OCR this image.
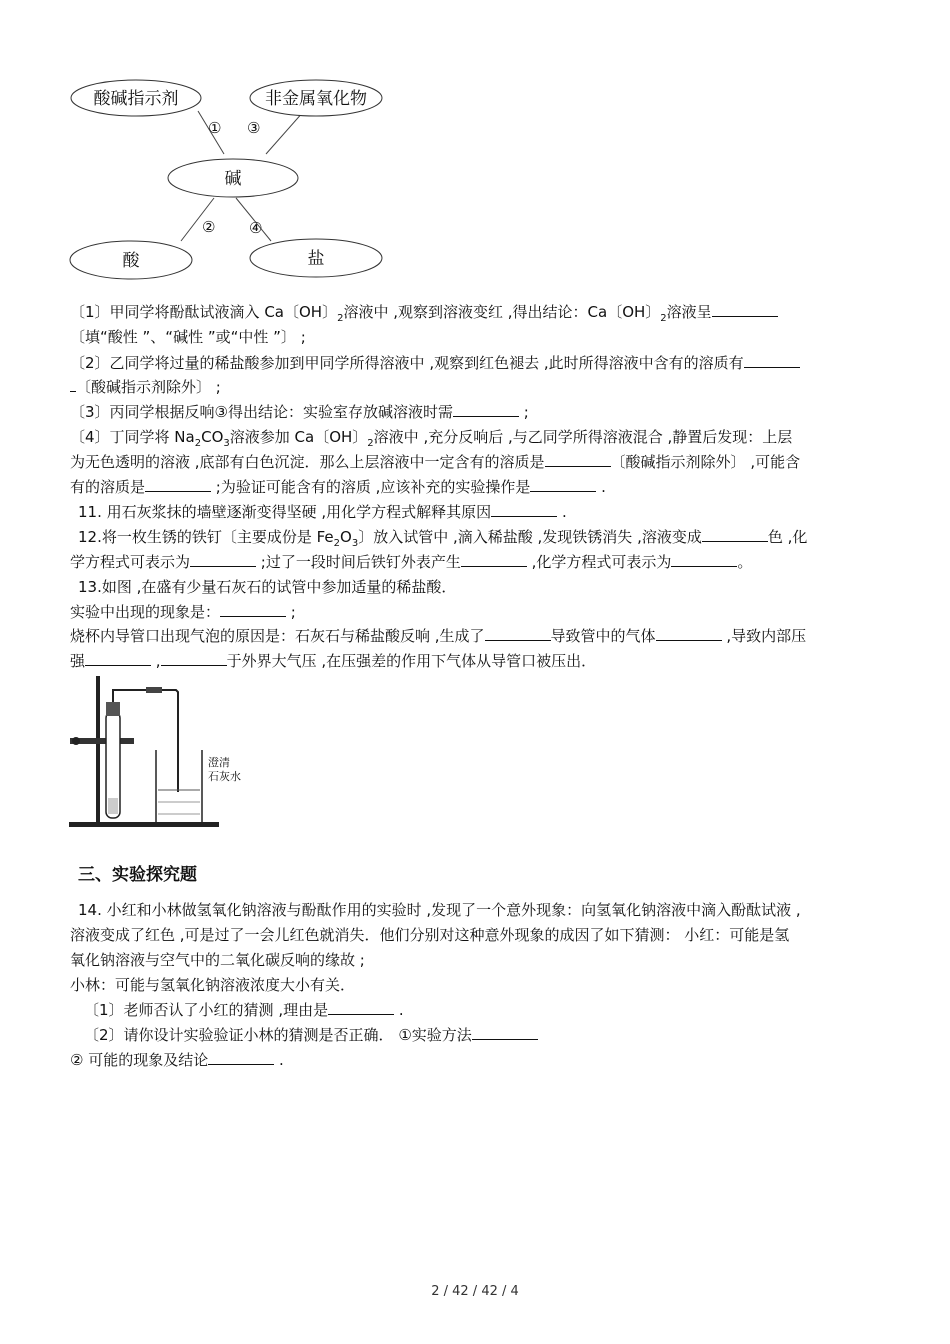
酸碱指示剂	非金属氧化物
碱
酸	盐
① ③
② ④
〔1〕甲同学将酚酞试液滴入 Ca〔OH〕$_2$溶液中 ,观察到溶液变红 ,得出结论：Ca〔OH〕$_2$溶液呈
〔填“酸性 ”、“碱性 ”或“中性 ”〕 ;
〔2〕乙同学将过量的稀盐酸参加到甲同学所得溶液中 ,观察到红色褪去 ,此时所得溶液中含有的溶质有
〔酸碱指示剂除外〕 ;
〔3〕丙同学根据反响③得出结论：实验室存放碱溶液时需	;
〔4〕丁同学将 $Na_2CO_3$溶液参加 Ca〔OH〕$_2$溶液中 ,充分反响后 ,与乙同学所得溶液混合 ,静置后发现：上层
为无色透明的溶液 ,底部有白色沉淀．那么上层溶液中一定含有的溶质是	〔酸碱指示剂除外〕 ,可能含
有的溶质是	;为验证可能含有的溶质 ,应该补充的实验操作是	.
11. 用石灰浆抹的墙壁逐渐变得坚硬 ,用化学方程式解释其原因	.
12.将一枚生锈的铁钉〔主要成份是 $Fe_2O_3$〕放入试管中 ,滴入稀盐酸 ,发现铁锈消失 ,溶液变成	色 ,化
学方程式可表示为	;过了一段时间后铁钉外表产生	,化学方程式可表示为	。
13.如图 ,在盛有少量石灰石的试管中参加适量的稀盐酸．
实验中出现的现象是：	;
烧杯内导管口出现气泡的原因是：石灰石与稀盐酸反响 ,生成了	导致管中的气体	,导致内部压
强	,	于外界大气压 ,在压强差的作用下气体从导管口被压出．
澄清
石灰水
三、实验探究题
14. 小红和小林做氢氧化钠溶液与酚酞作用的实验时 ,发现了一个意外现象：向氢氧化钠溶液中滴入酚酞试液 ,
溶液变成了红色 ,可是过了一会儿红色就消失．他们分别对这种意外现象的成因了如下猜测： 小红：可能是氢
氧化钠溶液与空气中的二氧化碳反响的缘故 ;
小林：可能与氢氧化钠溶液浓度大小有关．
〔1〕老师否认了小红的猜测 ,理由是	.
〔2〕请你设计实验验证小林的猜测是否正确． ①实验方法
② 可能的现象及结论	.
2 / 42 / 42 / 4
